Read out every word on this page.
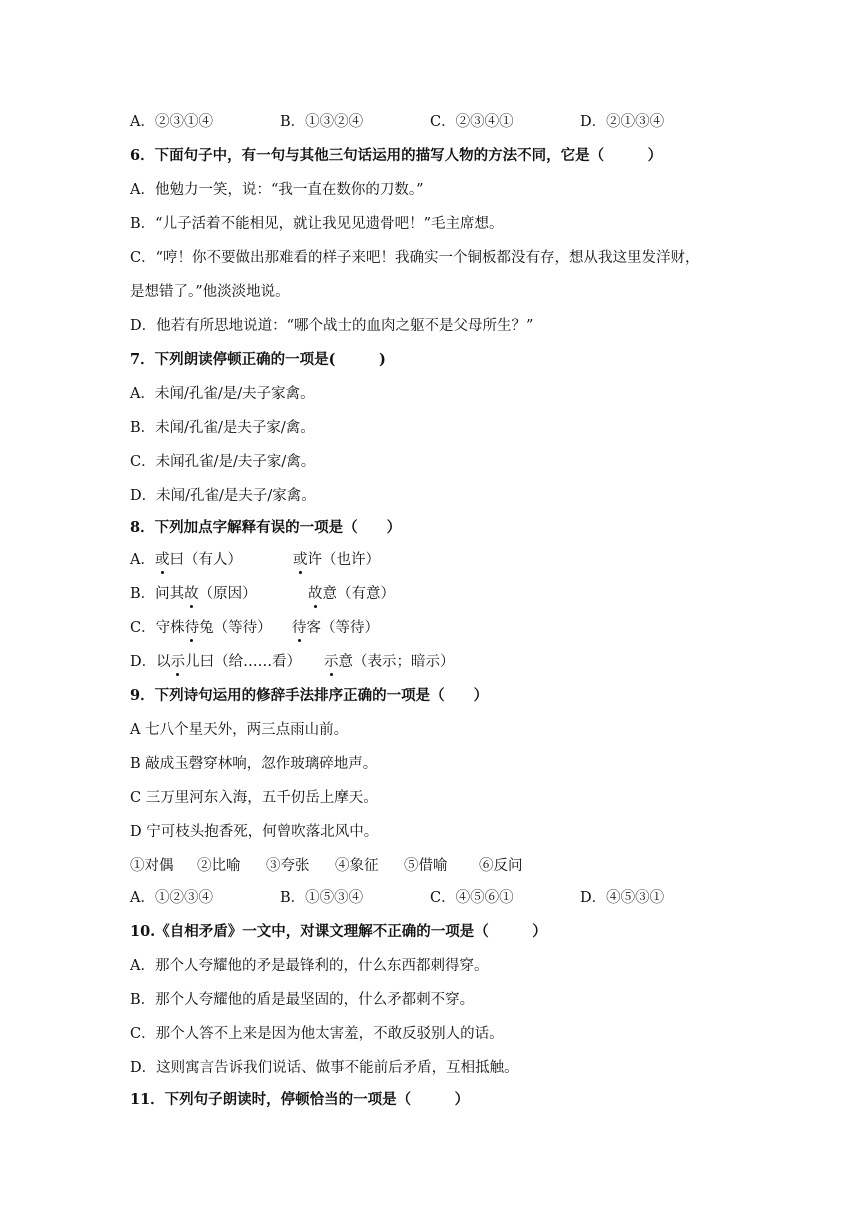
A．②③①④	B．①③②④	C．②③④①	D．②①③④
6．下面句子中，有一句与其他三句话运用的描写人物的方法不同，它是（　　　）
A．他勉力一笑，说：“我一直在数你的刀数。”
B．“儿子活着不能相见，就让我见见遗骨吧！”毛主席想。
C．“哼！你不要做出那难看的样子来吧！我确实一个铜板都没有存，想从我这里发洋财，
是想错了。”他淡淡地说。
D．他若有所思地说道：“哪个战士的血肉之躯不是父母所生？”
7．下列朗读停顿正确的一项是(　　　)
A．未闻/孔雀/是/夫子家禽。
B．未闻/孔雀/是夫子家/禽。
C．未闻孔雀/是/夫子家/禽。
D．未闻/孔雀/是夫子/家禽。
8．下列加点字解释有误的一项是（　　）
A．或曰（有人）	或许（也许）
B．问其故（原因）	故意（有意）
C．守株待兔（等待） 待客（等待）
D．以示儿曰（给……看） 示意（表示；暗示）
9．下列诗句运用的修辞手法排序正确的一项是（　　）
A 七八个星天外，两三点雨山前。
B 敲成玉磬穿林响，忽作玻璃碎地声。
C 三万里河东入海，五千仞岳上摩天。
D 宁可枝头抱香死，何曾吹落北风中。
①对偶 ②比喻 ③夸张 ④象征 ⑤借喻 ⑥反问
A．①②③④	B．①⑤③④	C．④⑤⑥①	D．④⑤③①
10.《自相矛盾》一文中，对课文理解不正确的一项是（　　　）
A．那个人夸耀他的矛是最锋利的，什么东西都刺得穿。
B．那个人夸耀他的盾是最坚固的，什么矛都刺不穿。
C．那个人答不上来是因为他太害羞，不敢反驳别人的话。
D．这则寓言告诉我们说话、做事不能前后矛盾，互相抵触。
11．下列句子朗读时，停顿恰当的一项是（　　　）
